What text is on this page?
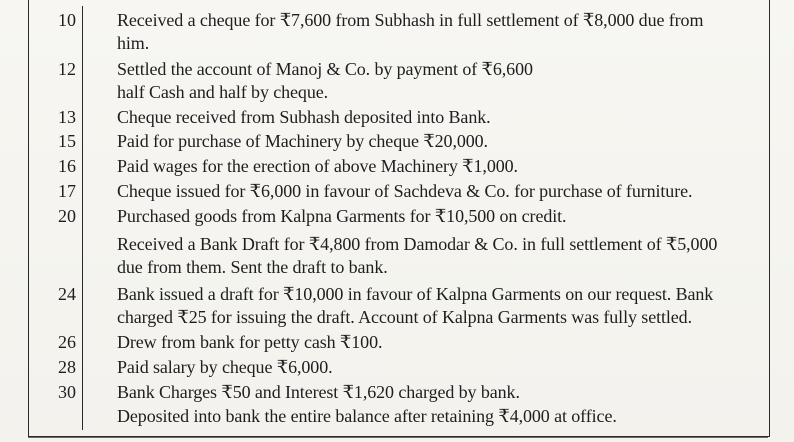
10 Received a cheque for ₹7,600 from Subhash in full settlement of ₹8,000 due from
him.
12 Settled the account of Manoj & Co. by payment of ₹6,600
half Cash and half by cheque.
13 Cheque received from Subhash deposited into Bank.
15 Paid for purchase of Machinery by cheque ₹20,000.
16 Paid wages for the erection of above Machinery ₹1,000.
17 Cheque issued for ₹6,000 in favour of Sachdeva & Co. for purchase of furniture.
20 Purchased goods from Kalpna Garments for ₹10,500 on credit.
Received a Bank Draft for ₹4,800 from Damodar & Co. in full settlement of ₹5,000
due from them. Sent the draft to bank.
24 Bank issued a draft for ₹10,000 in favour of Kalpna Garments on our request. Bank
charged ₹25 for issuing the draft. Account of Kalpna Garments was fully settled.
26 Drew from bank for petty cash ₹100.
28 Paid salary by cheque ₹6,000.
30 Bank Charges ₹50 and Interest ₹1,620 charged by bank.
Deposited into bank the entire balance after retaining ₹4,000 at office.
